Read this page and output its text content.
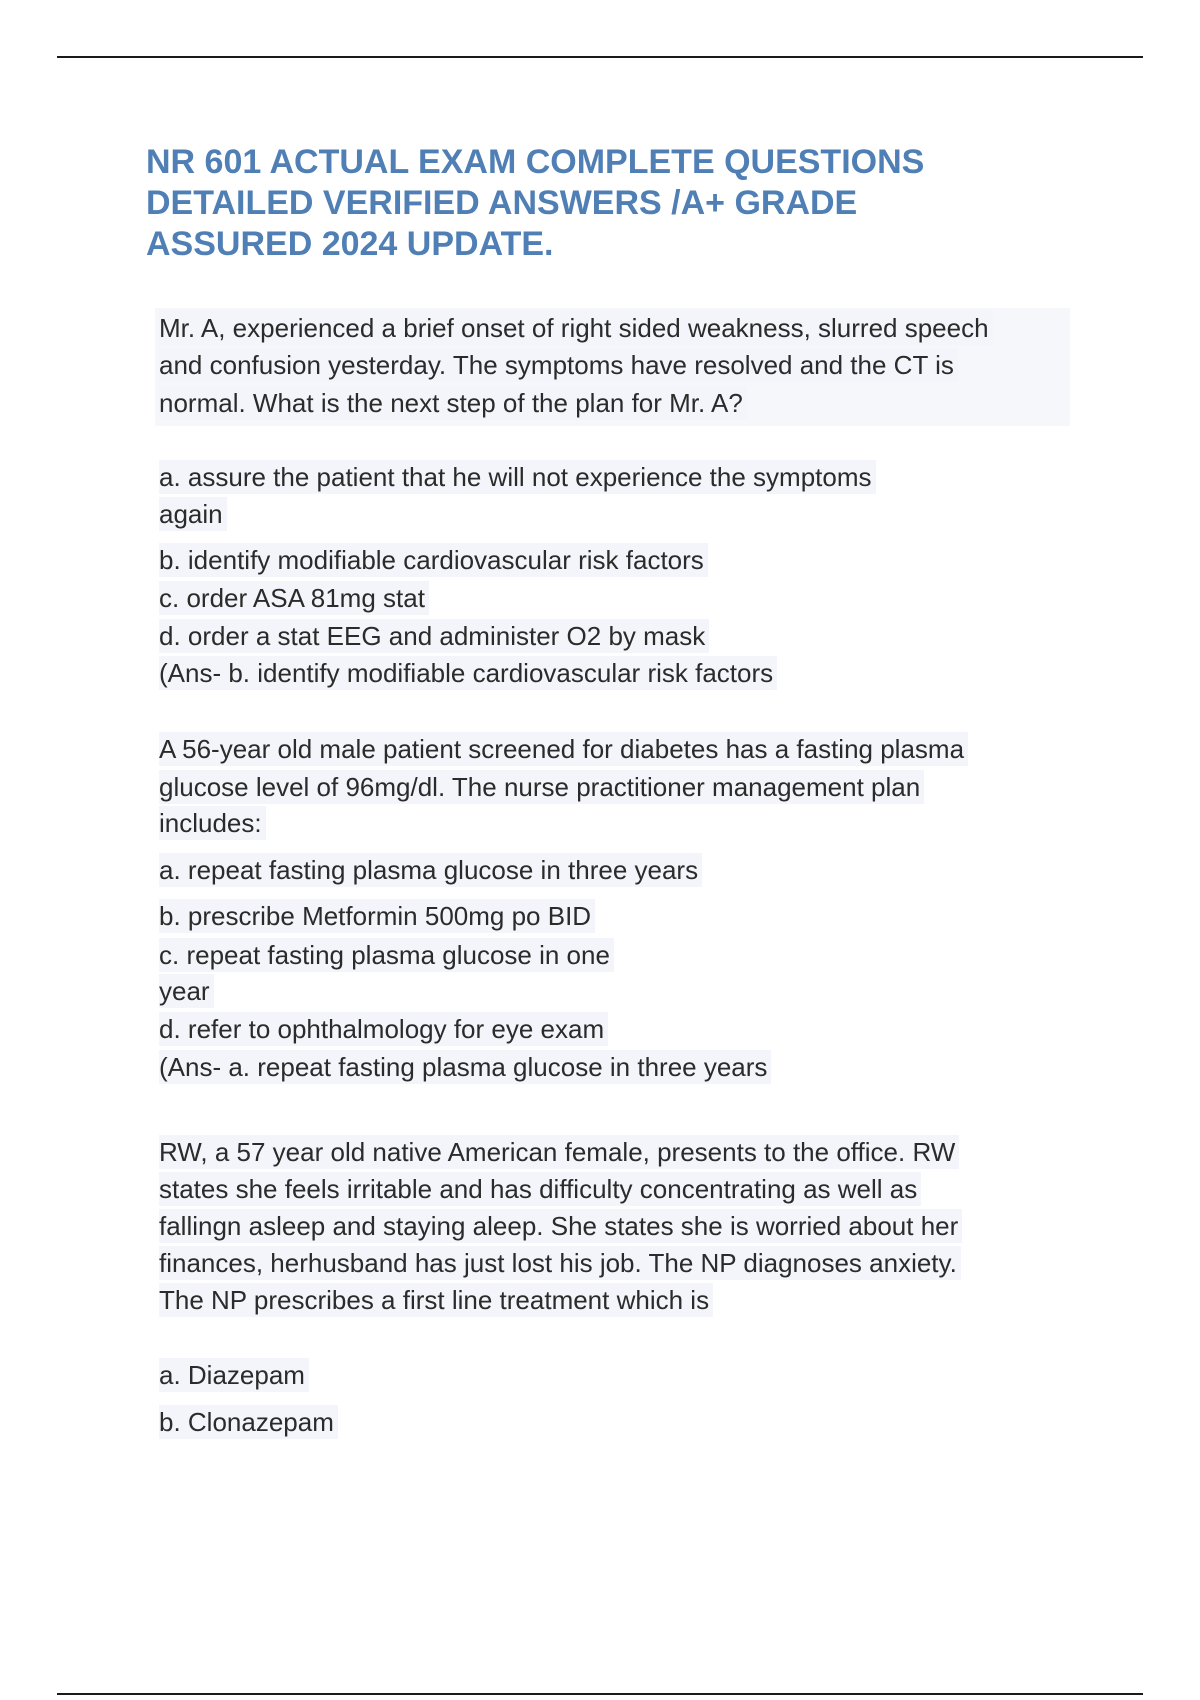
NR 601 ACTUAL EXAM COMPLETE QUESTIONS
DETAILED VERIFIED ANSWERS /A+ GRADE
ASSURED 2024 UPDATE.
Mr. A, experienced a brief onset of right sided weakness, slurred speech
and confusion yesterday. The symptoms have resolved and the CT is
normal. What is the next step of the plan for Mr. A?
a. assure the patient that he will not experience the symptoms
again
b. identify modifiable cardiovascular risk factors
c. order ASA 81mg stat
d. order a stat EEG and administer O2 by mask
(Ans- b. identify modifiable cardiovascular risk factors
A 56-year old male patient screened for diabetes has a fasting plasma
glucose level of 96mg/dl. The nurse practitioner management plan
includes:
a. repeat fasting plasma glucose in three years
b. prescribe Metformin 500mg po BID
c. repeat fasting plasma glucose in one
year
d. refer to ophthalmology for eye exam
(Ans- a. repeat fasting plasma glucose in three years
RW, a 57 year old native American female, presents to the office. RW
states she feels irritable and has difficulty concentrating as well as
fallingn asleep and staying aleep. She states she is worried about her
finances, herhusband has just lost his job. The NP diagnoses anxiety.
The NP prescribes a first line treatment which is
a. Diazepam
b. Clonazepam
